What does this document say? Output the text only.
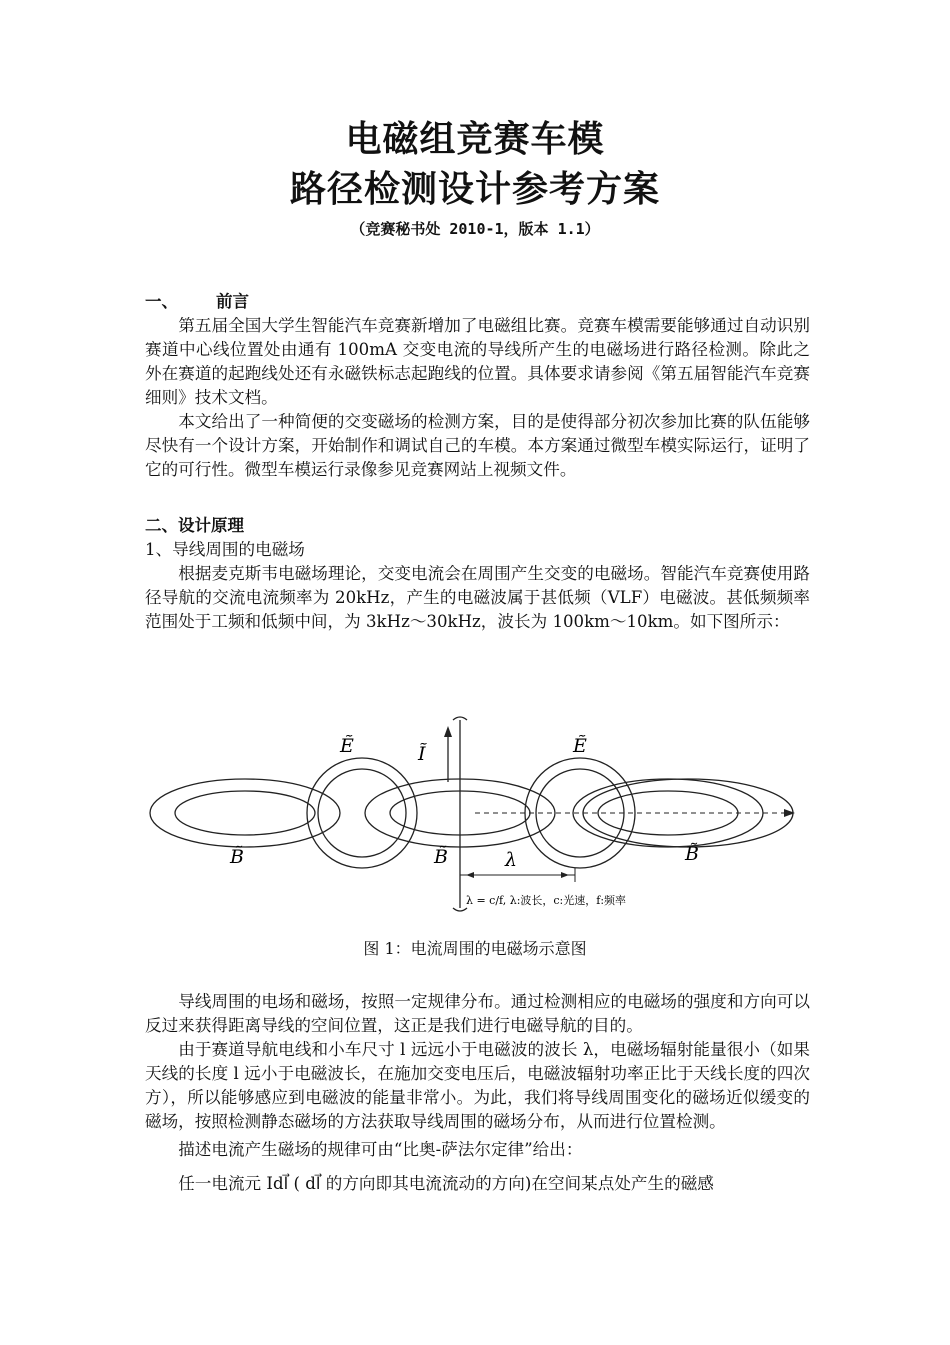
电磁组竞赛车模
路径检测设计参考方案
（竞赛秘书处 2010-1，版本 1.1）

一、 前言

第五届全国大学生智能汽车竞赛新增加了电磁组比赛。竞赛车模需要能够通过自动识别赛道中心线位置处由通有 100mA 交变电流的导线所产生的电磁场进行路径检测。除此之外在赛道的起跑线处还有永磁铁标志起跑线的位置。具体要求请参阅《第五届智能汽车竞赛细则》技术文档。

本文给出了一种简便的交变磁场的检测方案，目的是使得部分初次参加比赛的队伍能够尽快有一个设计方案，开始制作和调试自己的车模。本方案通过微型车模实际运行，证明了它的可行性。微型车模运行录像参见竞赛网站上视频文件。

二、设计原理

1、导线周围的电磁场

根据麦克斯韦电磁场理论，交变电流会在周围产生交变的电磁场。智能汽车竞赛使用路径导航的交流电流频率为 20kHz，产生的电磁波属于甚低频（VLF）电磁波。甚低频频率范围处于工频和低频中间，为 3kHz～30kHz，波长为 100km～10km。如下图所示：

Ẽ	Ĩ	Ẽ
B̃	B̃	B̃
λ
λ = c/f, λ:波长，c:光速，f:频率
图 1：电流周围的电磁场示意图

导线周围的电场和磁场，按照一定规律分布。通过检测相应的电磁场的强度和方向可以反过来获得距离导线的空间位置，这正是我们进行电磁导航的目的。

由于赛道导航电线和小车尺寸 l 远远小于电磁波的波长 λ，电磁场辐射能量很小（如果天线的长度 l 远小于电磁波长，在施加交变电压后，电磁波辐射功率正比于天线长度的四次方），所以能够感应到电磁波的能量非常小。为此，我们将导线周围变化的磁场近似缓变的磁场，按照检测静态磁场的方法获取导线周围的磁场分布，从而进行位置检测。

描述电流产生磁场的规律可由“比奥-萨法尔定律”给出：

任一电流元 Idl⃗ ( dl⃗ 的方向即其电流流动的方向)在空间某点处产生的磁感
